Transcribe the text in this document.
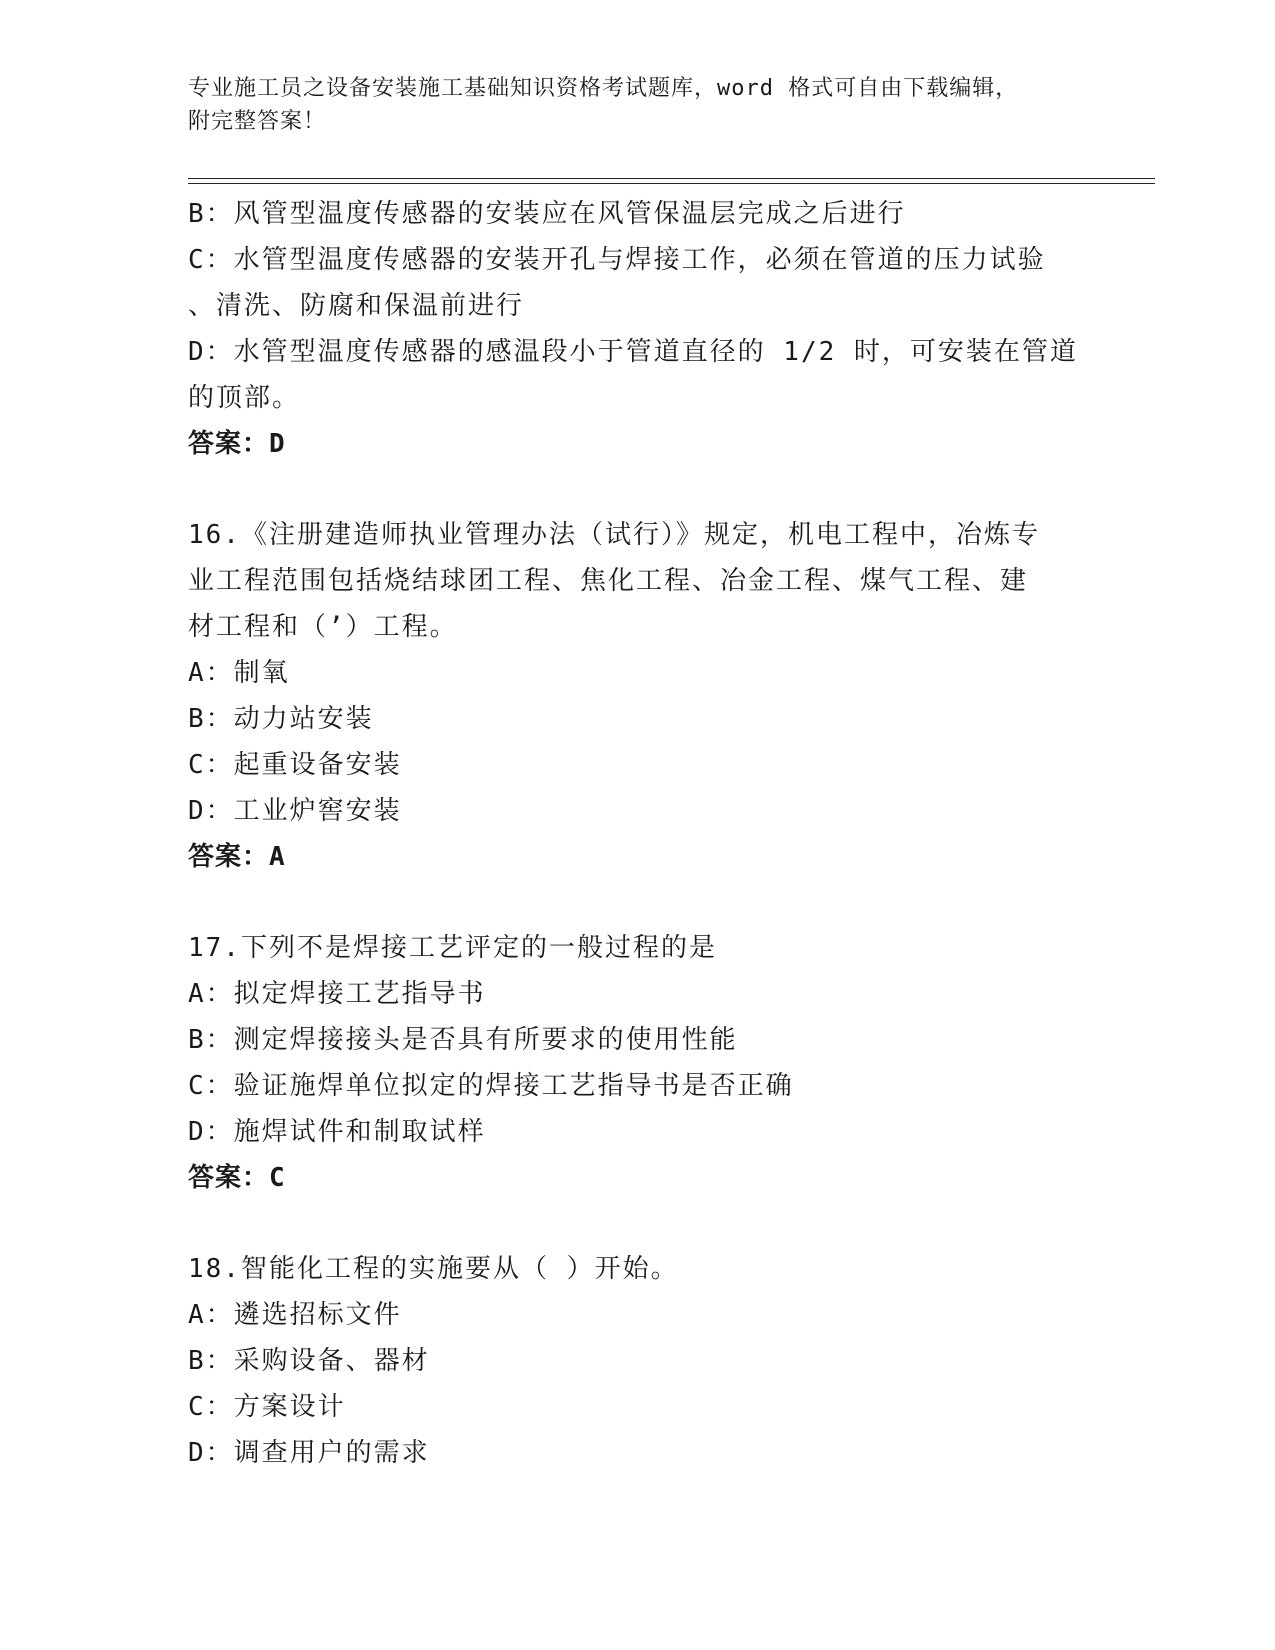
专业施工员之设备安装施工基础知识资格考试题库，word 格式可自由下载编辑，
附完整答案！
B：风管型温度传感器的安装应在风管保温层完成之后进行
C：水管型温度传感器的安装开孔与焊接工作，必须在管道的压力试验
、清洗、防腐和保温前进行
D：水管型温度传感器的感温段小于管道直径的 1/2 时，可安装在管道
的顶部。
答案：D
16.《注册建造师执业管理办法（试行）》规定，机电工程中，冶炼专
业工程范围包括烧结球团工程、焦化工程、冶金工程、煤气工程、建
材工程和（’）工程。
A：制氧
B：动力站安装
C：起重设备安装
D：工业炉窖安装
答案：A
17.下列不是焊接工艺评定的一般过程的是
A：拟定焊接工艺指导书
B：测定焊接接头是否具有所要求的使用性能
C：验证施焊单位拟定的焊接工艺指导书是否正确
D：施焊试件和制取试样
答案：C
18.智能化工程的实施要从（ ）开始。
A：遴选招标文件
B：采购设备、器材
C：方案设计
D：调查用户的需求
